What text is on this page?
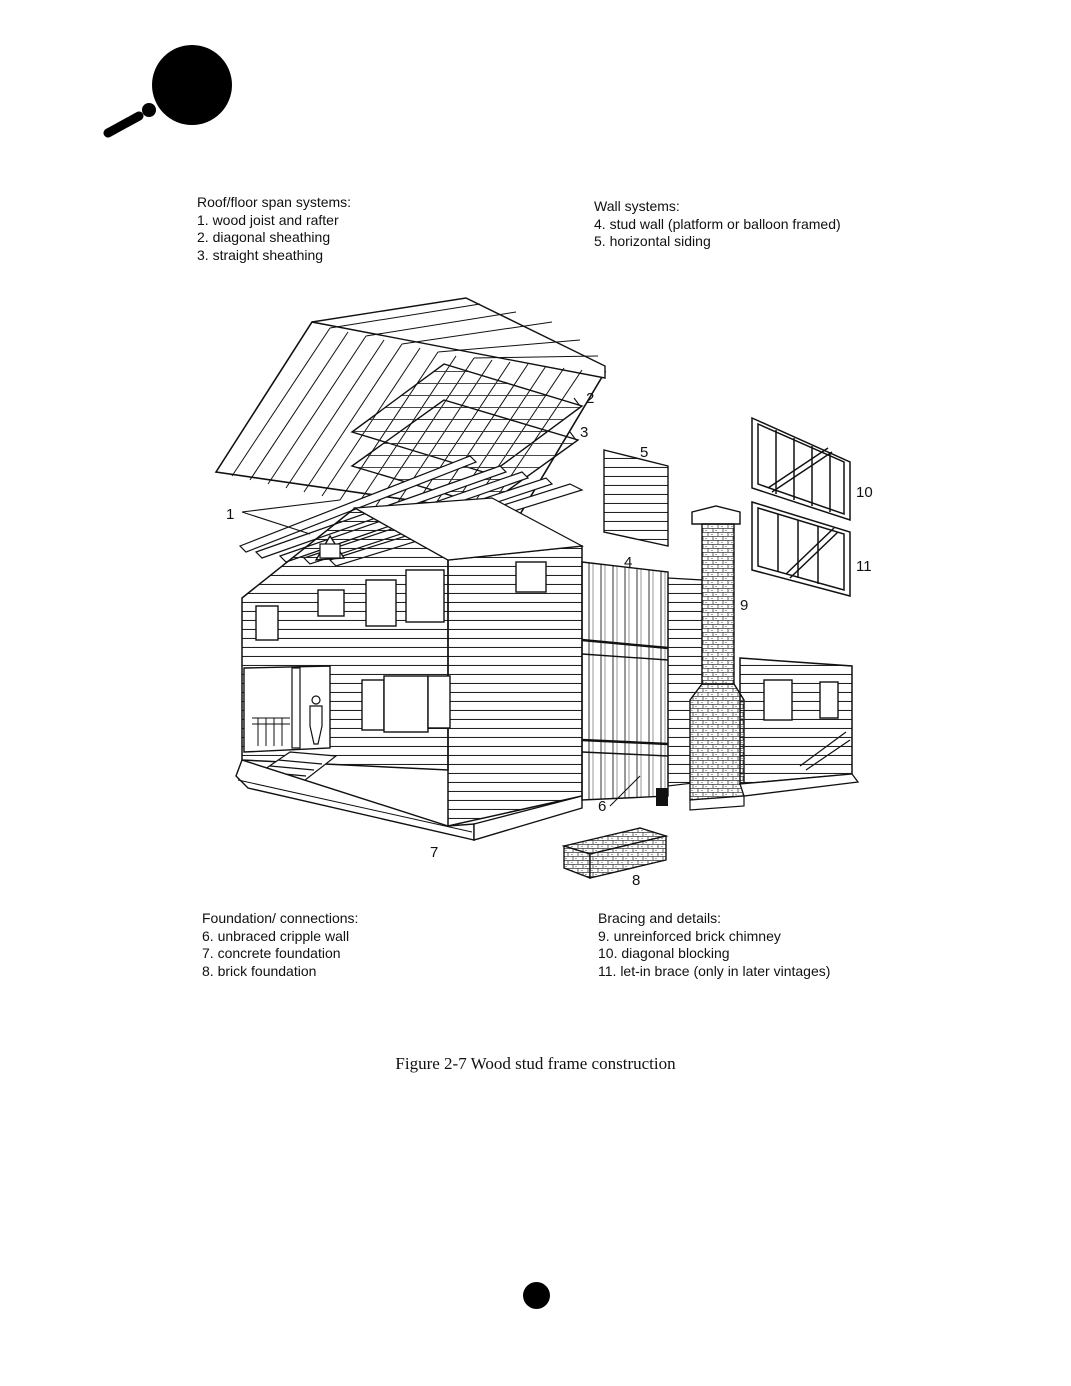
Roof/floor span systems:
1. wood joist and rafter
2. diagonal sheathing
3. straight sheathing
Wall systems:
4. stud wall (platform or balloon framed)
5. horizontal siding
Foundation/ connections:
6. unbraced cripple wall
7. concrete foundation
8. brick foundation
Bracing and details:
9. unreinforced brick chimney
10. diagonal blocking
11. let-in brace (only in later vintages)
1
2
3
4
5
6
7
8
9
10
11
Figure 2-7 Wood stud frame construction
